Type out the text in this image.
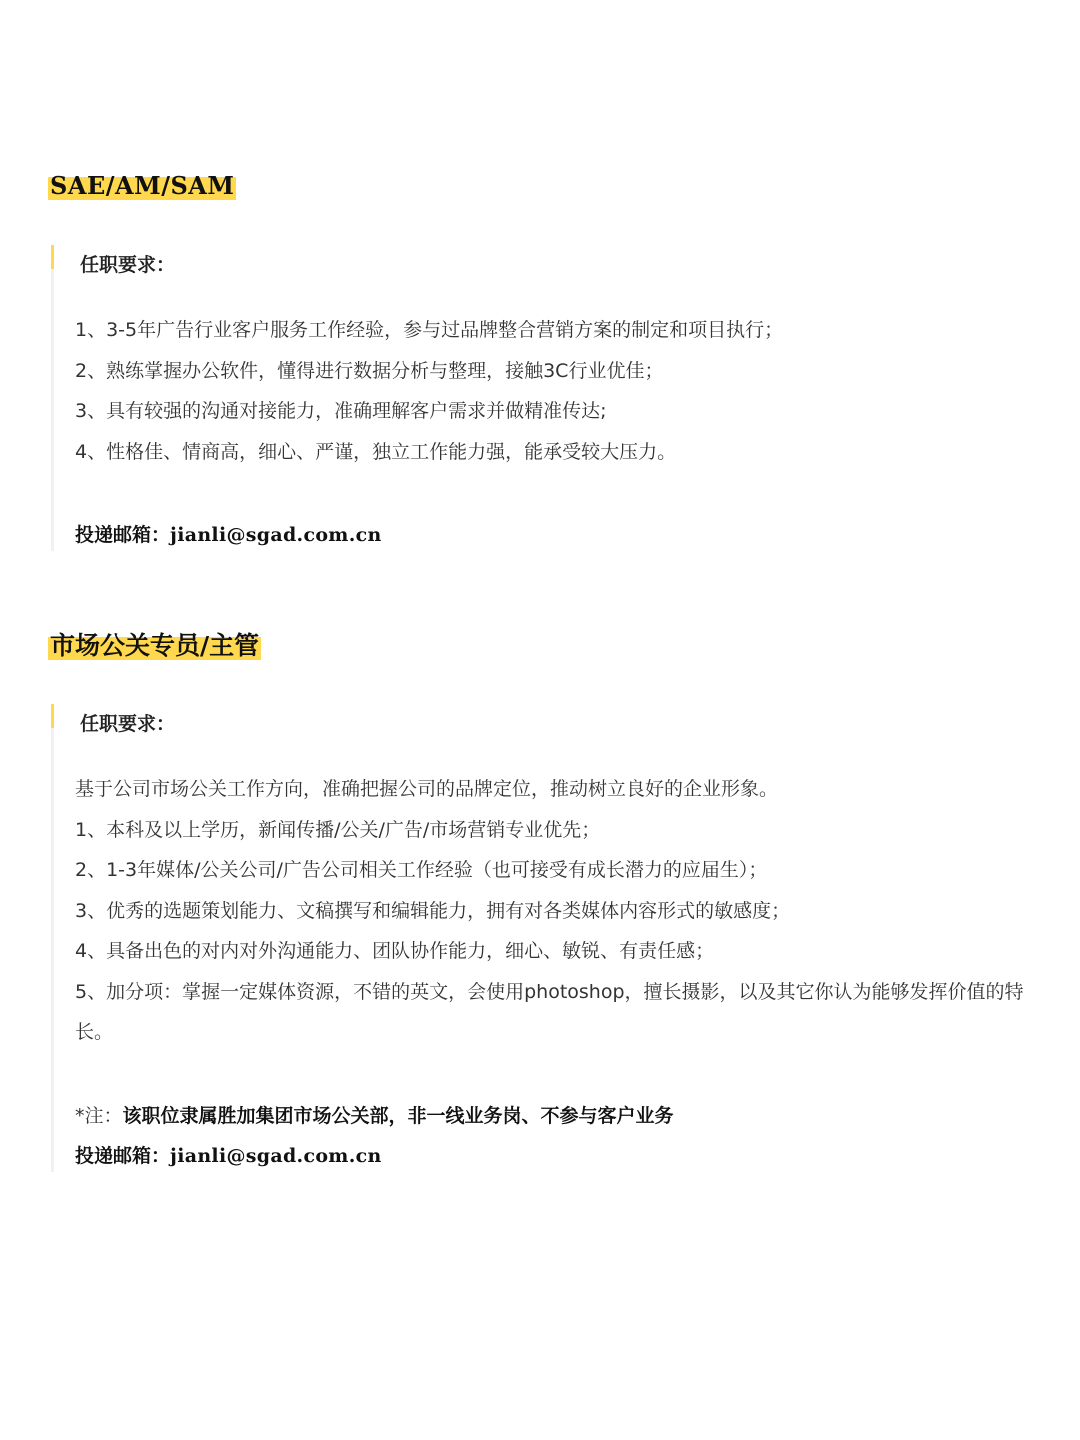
SAE/AM/SAM
任职要求：
1、3-5年广告行业客户服务工作经验，参与过品牌整合营销方案的制定和项目执行；
2、熟练掌握办公软件，懂得进行数据分析与整理，接触3C行业优佳；
3、具有较强的沟通对接能力，准确理解客户需求并做精准传达;
4、性格佳、情商高，细心、严谨，独立工作能力强，能承受较大压力。
投递邮箱：jianli@sgad.com.cn
市场公关专员/主管
任职要求：
基于公司市场公关工作方向，准确把握公司的品牌定位，推动树立良好的企业形象。
1、本科及以上学历，新闻传播/公关/广告/市场营销专业优先；
2、1-3年媒体/公关公司/广告公司相关工作经验（也可接受有成长潜力的应届生）；
3、优秀的选题策划能力、文稿撰写和编辑能力，拥有对各类媒体内容形式的敏感度；
4、具备出色的对内对外沟通能力、团队协作能力，细心、敏锐、有责任感；
5、加分项：掌握一定媒体资源，不错的英文，会使用photoshop，擅长摄影，以及其它你认为能够发挥价值的特长。
*注：该职位隶属胜加集团市场公关部，非一线业务岗、不参与客户业务
投递邮箱：jianli@sgad.com.cn
